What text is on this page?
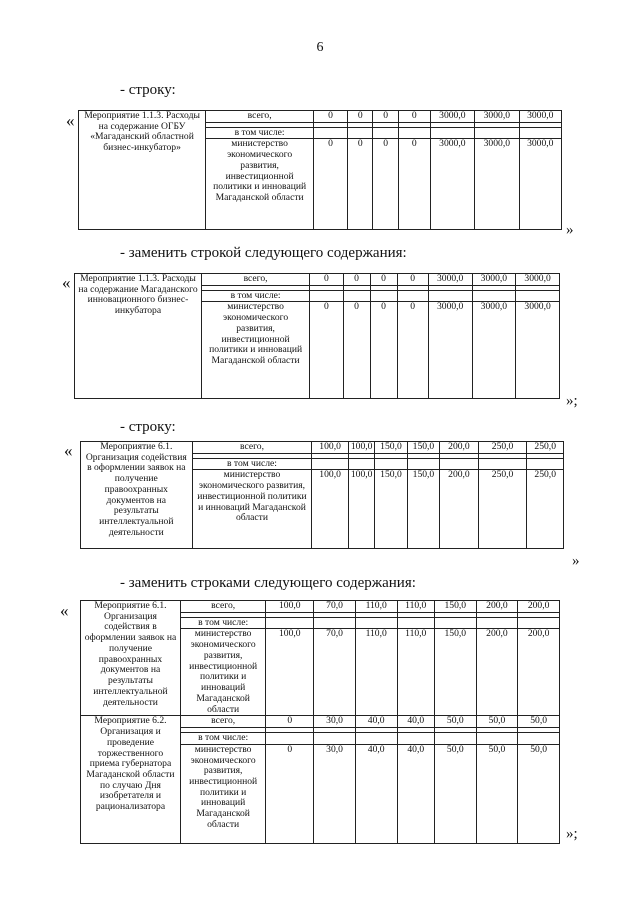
6
- строку:
« Мероприятие 1.1.3. Расходы на содержание ОГБУ «Магаданский областной бизнес-инкубатор»	всего,	0	0	0	0	3000,0	3000,0	3000,0

	в том числе:							
	министерство экономического развития, инвестиционной политики и инноваций Магаданской области	0	0	0	0	3000,0	3000,0	3000,0
»
- заменить строкой следующего содержания:
« Мероприятие 1.1.3. Расходы на содержание Магаданского инновационного бизнес-инкубатора	всего,	0	0	0	0	3000,0	3000,0	3000,0

	в том числе:							
	министерство экономического развития, инвестиционной политики и инноваций Магаданской области	0	0	0	0	3000,0	3000,0	3000,0
»;
- строку:
«	Мероприятие 6.1. Организация содействия в оформлении заявок на получение правоохранных документов на результаты интеллектуальной деятельности	всего,	100,0	100,0	150,0	150,0	200,0	250,0	250,0

	в том числе:							
	министерство экономического развития, инвестиционной политики и инноваций Магаданской области	100,0	100,0	150,0	150,0	200,0	250,0	250,0
»
- заменить строками следующего содержания:
«	Мероприятие 6.1. Организация содействия в оформлении заявок на получение правоохранных документов на результаты интеллектуальной деятельности	всего,	100,0	70,0	110,0	110,0	150,0	200,0	200,0

	в том числе:							
	министерство экономического развития, инвестиционной политики и инноваций Магаданской области	100,0	70,0	110,0	110,0	150,0	200,0	200,0
Мероприятие 6.2. Организация и проведение торжественного приема губернатора Магаданской области по случаю Дня изобретателя и рационализатора	всего,	0	30,0	40,0	40,0	50,0	50,0	50,0

	в том числе:							
	министерство экономического развития, инвестиционной политики и инноваций Магаданской области	0	30,0	40,0	40,0	50,0	50,0	50,0
»;
